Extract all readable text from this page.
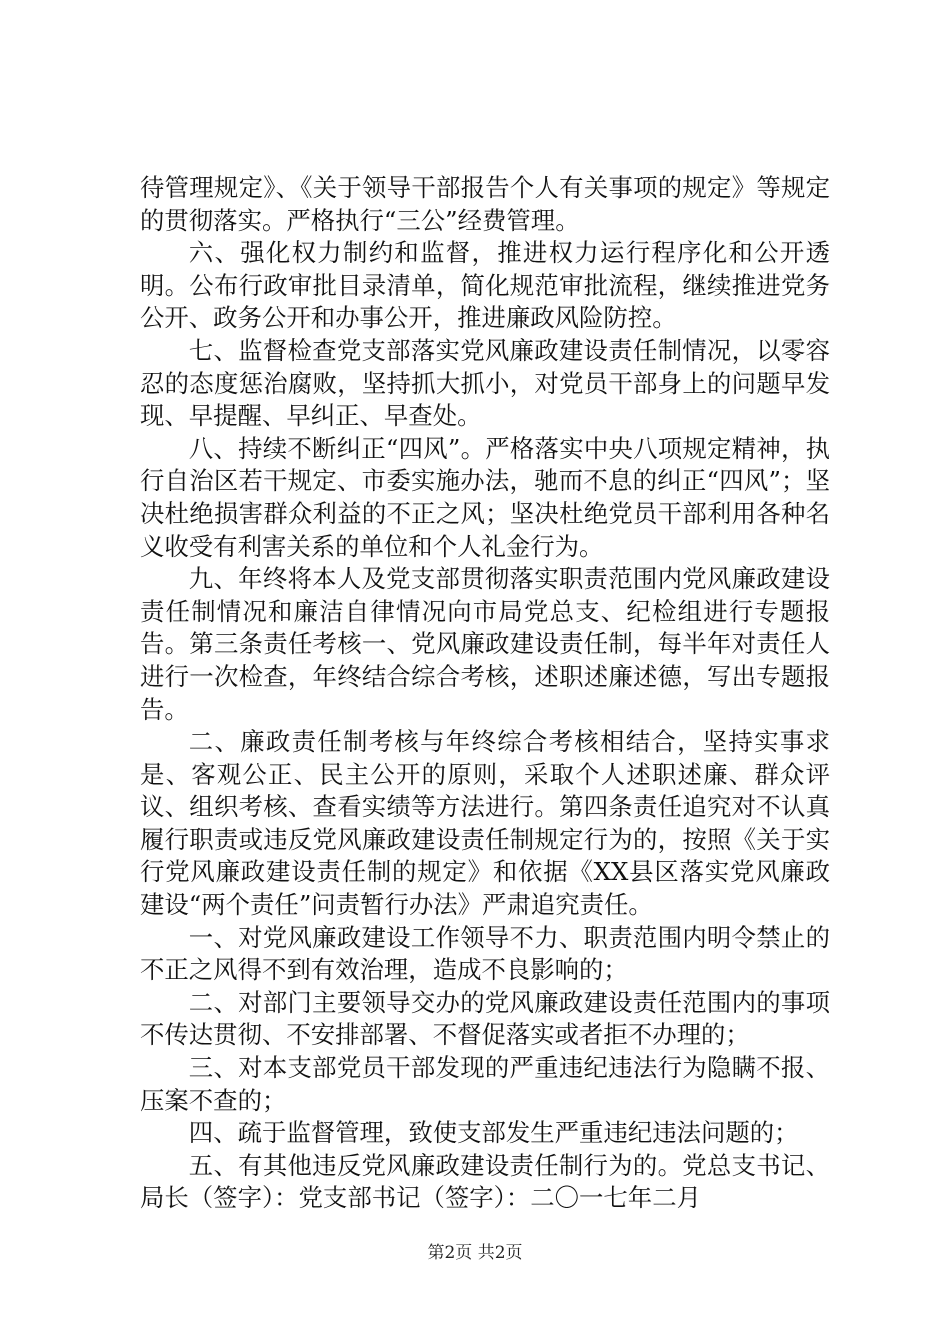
待管理规定》、《关于领导干部报告个人有关事项的规定》等规定的贯彻落实。严格执行“三公”经费管理。

六、强化权力制约和监督，推进权力运行程序化和公开透明。公布行政审批目录清单，简化规范审批流程，继续推进党务公开、政务公开和办事公开，推进廉政风险防控。

七、监督检查党支部落实党风廉政建设责任制情况，以零容忍的态度惩治腐败，坚持抓大抓小，对党员干部身上的问题早发现、早提醒、早纠正、早查处。

八、持续不断纠正“四风”。严格落实中央八项规定精神，执行自治区若干规定、市委实施办法，驰而不息的纠正“四风”；坚决杜绝损害群众利益的不正之风；坚决杜绝党员干部利用各种名义收受有利害关系的单位和个人礼金行为。

九、年终将本人及党支部贯彻落实职责范围内党风廉政建设责任制情况和廉洁自律情况向市局党总支、纪检组进行专题报告。第三条责任考核一、党风廉政建设责任制，每半年对责任人进行一次检查，年终结合综合考核，述职述廉述德，写出专题报告。

二、廉政责任制考核与年终综合考核相结合，坚持实事求是、客观公正、民主公开的原则，采取个人述职述廉、群众评议、组织考核、查看实绩等方法进行。第四条责任追究对不认真履行职责或违反党风廉政建设责任制规定行为的，按照《关于实行党风廉政建设责任制的规定》和依据《XX县区落实党风廉政建设“两个责任”问责暂行办法》严肃追究责任。

一、对党风廉政建设工作领导不力、职责范围内明令禁止的不正之风得不到有效治理，造成不良影响的；

二、对部门主要领导交办的党风廉政建设责任范围内的事项不传达贯彻、不安排部署、不督促落实或者拒不办理的；

三、对本支部党员干部发现的严重违纪违法行为隐瞒不报、压案不查的；

四、疏于监督管理，致使支部发生严重违纪违法问题的；

五、有其他违反党风廉政建设责任制行为的。党总支书记、局长（签字）：党支部书记（签字）：二〇一七年二月

第2页 共2页
